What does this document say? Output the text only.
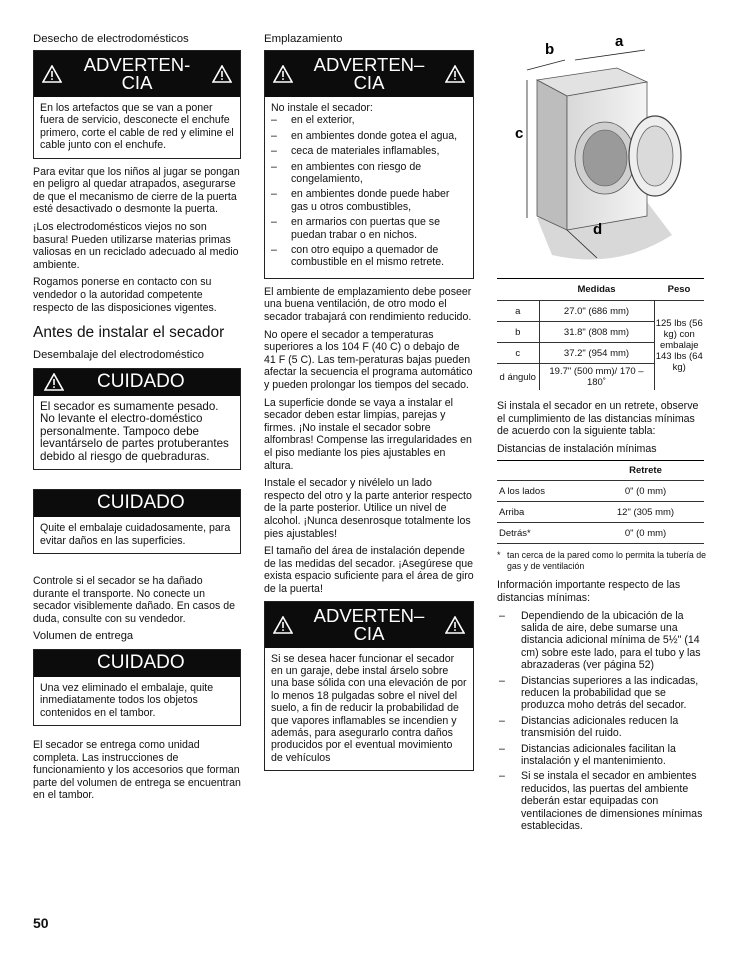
Desecho de electrodomésticos
ADVERTEN-
CIA
En los artefactos que se van a poner fuera de servicio, desconecte el enchufe primero, corte el cable de red y elimine el cable junto con el enchufe.

Para evitar que los niños al jugar se pongan en peligro al quedar atrapados, asegurarse de que el mecanismo de cierre de la puerta esté desactivado o desmonte la puerta.

¡Los electrodomésticos viejos no son basura! Pueden utilizarse materias primas valiosas en un reciclado adecuado al medio ambiente.

Rogamos ponerse en contacto con su vendedor o la autoridad competente respecto de las disposiciones vigentes.

Antes de instalar el secador
Desembalaje del electrodoméstico
CUIDADO
El secador es sumamente pesado. No levante el electro-doméstico personalmente. Tampoco debe levantárselo de partes protuberantes debido al riesgo de quebraduras.
CUIDADO
Quite el embalaje cuidadosamente, para evitar daños en las superficies.

Controle si el secador se ha dañado durante el transporte. No conecte un secador visiblemente dañado. En casos de duda, consulte con su vendedor.

Volumen de entrega
CUIDADO
Una vez eliminado el embalaje, quite inmediatamente todos los objetos contenidos en el tambor.

El secador se entrega como unidad completa. Las instrucciones de funcionamiento y los accesorios que forman parte del volumen de entrega se encuentran en el tambor.

Emplazamiento
ADVERTEN–
CIA
No instale el secador:
– en el exterior,
– en ambientes donde gotea el agua,
– ceca de materiales inflamables,
– en ambientes con riesgo de congelamiento,
– en ambientes donde puede haber gas u otros combustibles,
– en armarios con puertas que se puedan trabar o en nichos.
– con otro equipo a quemador de combustible en el mismo retrete.

El ambiente de emplazamiento debe poseer una buena ventilación, de otro modo el secador trabajará con rendimiento reducido.

No opere el secador a temperaturas superiores a los 104 F (40 C) o debajo de 41 F (5 C). Las tem-peraturas bajas pueden afectar la secuencia el programa automático y pueden prolongar los tiempos del secado.

La superficie donde se vaya a instalar el secador deben estar limpias, parejas y firmes. ¡No instale el secador sobre alfombras! Compense las irregularidades en el piso mediante los pies ajustables en altura.

Instale el secador y nivélelo un lado respecto del otro y la parte anterior respecto de la parte posterior. Utilice un nivel de alcohol. ¡Nunca desenrosque totalmente los pies ajustables!

El tamaño del área de instalación depende de las medidas del secador. ¡Asegúrese que exista espacio suficiente para el área de giro de la puerta!

ADVERTEN–
CIA
Si se desea hacer funcionar el secador en un garaje, debe instal árselo sobre una base sólida con una elevación de por lo menos 18 pulgadas sobre el nivel del suelo, a fin de reducir la probabilidad de que vapores inflamables se incendien y además, para asegurarlo contra daños producidos por el eventual movimiento de vehículos
a
b
c
d
	Medidas	Peso
a	27.0" (686 mm)	125 lbs (56 kg) con embalaje 143 lbs (64 kg)
b	31.8" (808 mm)	
c	37.2" (954 mm)	
d ángulo	19.7" (500 mm)/ 170 – 180˚	

Si instala el secador en un retrete, observe el cumplimiento de las distancias mínimas de acuerdo con la siguiente tabla:

Distancias de instalación mínimas

	Retrete
A los lados	0" (0 mm)
Arriba	12" (305 mm)
Detrás*	0" (0 mm)
* tan cerca de la pared como lo permita la tubería de gas y de ventilación

Información importante respecto de las distancias mínimas:

– Dependiendo de la ubicación de la salida de aire, debe sumarse una distancia adicional mínima de 5½" (14 cm) sobre este lado, para el tubo y las abrazaderas (ver página 52)
– Distancias superiores a las indicadas, reducen la probabilidad que se produzca moho detrás del secador.
– Distancias adicionales reducen la transmisión del ruido.
– Distancias adicionales facilitan la instalación y el mantenimiento.
– Si se instala el secador en ambientes reducidos, las puertas del ambiente deberán estar equipadas con ventilaciones de dimensiones mínimas establecidas.
50
